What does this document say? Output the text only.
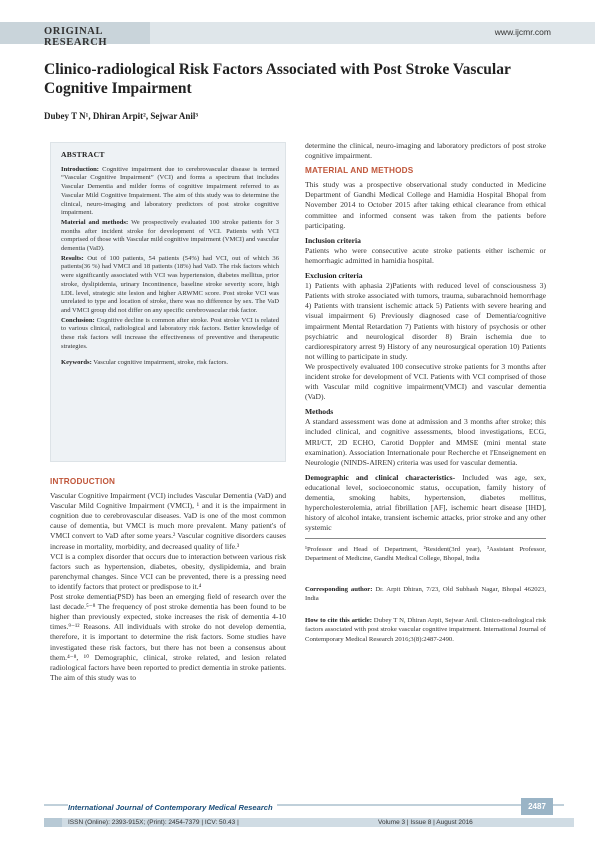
ORIGINAL RESEARCH
www.ijcmr.com
Clinico-radiological Risk Factors Associated with Post Stroke Vascular Cognitive Impairment
Dubey T N¹, Dhiran Arpit², Sejwar Anil³
ABSTRACT

Introduction: Cognitive impairment due to cerebrovascular disease is termed “Vascular Cognitive Impairment” (VCI) and forms a spectrum that includes Vascular Dementia and milder forms of cognitive impairment referred to as Vascular Mild Cognitive Impairment. The aim of this study was to determine the clinical, neuro-imaging and laboratory predictors of post stroke cognitive impairment.

Material and methods: We prospectively evaluated 100 stroke patients for 3 months after incident stroke for development of VCI. Patients with VCI comprised of those with Vascular mild cognitive impairment (VMCI) and vascular dementia (VaD).

Results: Out of 100 patients, 54 patients (54%) had VCI, out of which 36 patients(36 %) had VMCI and 18 patients (18%) had VaD. The risk factors which were significantly associated with VCI was hypertension, diabetes mellitus, prior stroke, dyslipidemia, urinary Incontinence, baseline stroke severity score, high LDL level, strategic site lesion and higher ARWMC score. Post stroke VCI was unrelated to type and location of stroke, there was no difference by sex. The VaD and VMCI group did not differ on any specific cerebrovascular risk factor.

Conclusion: Cognitive decline is common after stroke. Post stroke VCI is related to various clinical, radiological and laboratory risk factors. Better knowledge of these risk factors will increase the effectiveness of preventive and therapeutic strategies.

Keywords: Vascular cognitive impairment, stroke, risk factors.

INTRODUCTION

Vascular Cognitive Impairment (VCI) includes Vascular Dementia (VaD) and Vascular Mild Cognitive Impairment (VMCI), ¹ and it is the impairment in cognition due to cerebrovascular diseases. VaD is one of the most common cause of dementia, but VMCI is much more prevalent. Many patient's of VMCI convert to VaD after some years.² Vascular cognitive disorders causes increase in mortality, morbidity, and decreased quality of life.³

VCI is a complex disorder that occurs due to interaction between various risk factors such as hypertension, diabetes, obesity, dyslipidemia, and brain parenchymal changes. Since VCI can be prevented, there is a pressing need to identify factors that protect or predispose to it.⁴

Post stroke dementia(PSD) has been an emerging field of research over the last decade.⁵⁻⁸ The frequency of post stroke dementia has been found to be higher than previously expected, stoke increases the risk of dementia 4-10 times.⁹⁻¹² Reasons. All individuals with stroke do not develop dementia, therefore, it is important to determine the risk factors. Some studies have investigated these risk factors, but there has not been a consensus about them.⁴⁻⁸, ¹⁰ Demographic, clinical, stroke related, and lesion related radiological factors have been reported to predict dementia in stroke patients. The aim of this study was to

determine the clinical, neuro-imaging and laboratory predictors of post stroke cognitive impairment.

MATERIAL AND METHODS

This study was a prospective observational study conducted in Medicine Department of Gandhi Medical College and Hamidia Hospital Bhopal from November 2014 to October 2015 after taking ethical clearance from ethical committee and informed consent was taken from the patients before participating.

Inclusion criteria

Patients who were consecutive acute stroke patients either ischemic or hemorrhagic admitted in hamidia hospital.

Exclusion criteria

1) Patients with aphasia 2)Patients with reduced level of consciousness 3) Patients with stroke associated with tumors, trauma, subarachnoid hemorrhage 4) Patients with transient ischemic attack 5) Patients with severe hearing and visual impairment 6) Previously diagnosed case of Dementia/cognitive impairment Mental Retardation 7) Patients with history of psychosis or other psychiatric and neurological disorder 8) Brain ischemia due to cardiorespiratory arrest 9) History of any neurosurgical operation 10) Patients not willing to participate in study.

We prospectively evaluated 100 consecutive stroke patients for 3 months after incident stroke for development of VCI. Patients with VCI comprised of those with Vascular mild cognitive impairment(VMCI) and vascular dementia (VaD).

Methods

A standard assessment was done at admission and 3 months after stroke; this included clinical, and cognitive assessments, blood investigations, ECG, MRI/CT, 2D ECHO, Carotid Doppler and MMSE (mini mental state examination). Association Internationale pour Recherche et l'Enseignement en Neurologie (NINDS-AIREN) criteria was used for vascular dementia.

Demographic and clinical characteristics- Included was age, sex, educational level, socioeconomic status, occupation, family history of dementia, smoking habits, hypertension, diabetes mellitus, hypercholesterolemia, atrial fibrillation [AF], ischemic heart disease [IHD], history of alcohol intake, transient ischemic attacks, prior stroke and any other systemic

¹Professor and Head of Department, ²Resident(3rd year), ³Assistant Professor, Department of Medicine, Gandhi Medical College, Bhopal, India
Corresponding author: Dr. Arpit Dhiran, 7/23, Old Subhash Nagar, Bhopal 462023, India
How to cite this article: Dubey T N, Dhiran Arpit, Sejwar Anil. Clinico-radiological risk factors associated with post stroke vascular cognitive impairment. International Journal of Contemporary Medical Research 2016;3(8):2487-2490.
International Journal of Contemporary Medical Research
ISSN (Online): 2393-915X; (Print): 2454-7379 | ICV: 50.43 |	Volume 3 | Issue 8 | August 2016
2487
